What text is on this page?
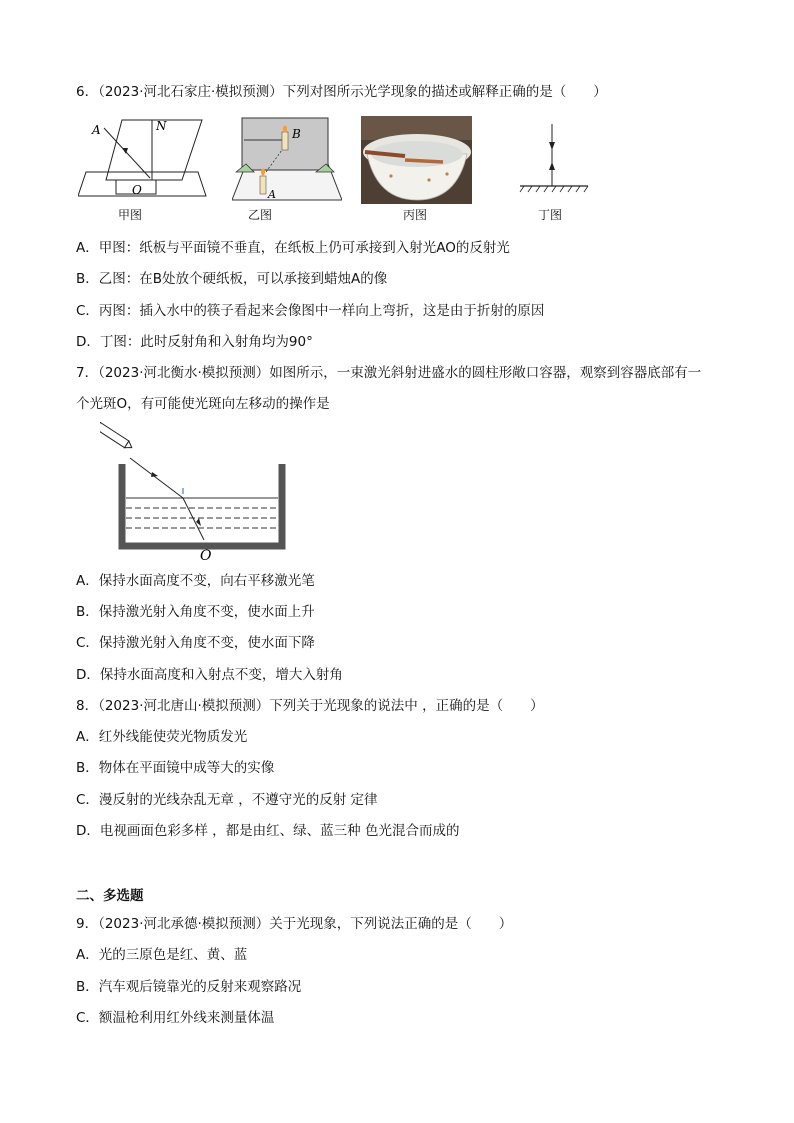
6．（2023·河北石家庄·模拟预测）下列对图所示光学现象的描述或解释正确的是（　　）
A	N
O
甲图
B
A
乙图	丙图	丁图
A．甲图：纸板与平面镜不垂直，在纸板上仍可承接到入射光AO的反射光
B．乙图：在B处放个硬纸板，可以承接到蜡烛A的像
C．丙图：插入水中的筷子看起来会像图中一样向上弯折，这是由于折射的原因
D．丁图：此时反射角和入射角均为90°
7．（2023·河北衡水·模拟预测）如图所示，一束激光斜射进盛水的圆柱形敞口容器，观察到容器底部有一
个光斑O，有可能使光斑向左移动的操作是
O
A．保持水面高度不变，向右平移激光笔
B．保持激光射入角度不变，使水面上升
C．保持激光射入角度不变，使水面下降
D．保持水面高度和入射点不变，增大入射角
8．（2023·河北唐山·模拟预测）下列关于光现象的说法中 ，正确的是（　　）
A．红外线能使荧光物质发光
B．物体在平面镜中成等大的实像
C．漫反射的光线杂乱无章 ，不遵守光的反射 定律
D．电视画面色彩多样 ，都是由红、绿、蓝三种 色光混合而成的
二、多选题
9．（2023·河北承德·模拟预测）关于光现象，下列说法正确的是（　　）
A．光的三原色是红、黄、蓝
B．汽车观后镜靠光的反射来观察路况
C．额温枪利用红外线来测量体温
